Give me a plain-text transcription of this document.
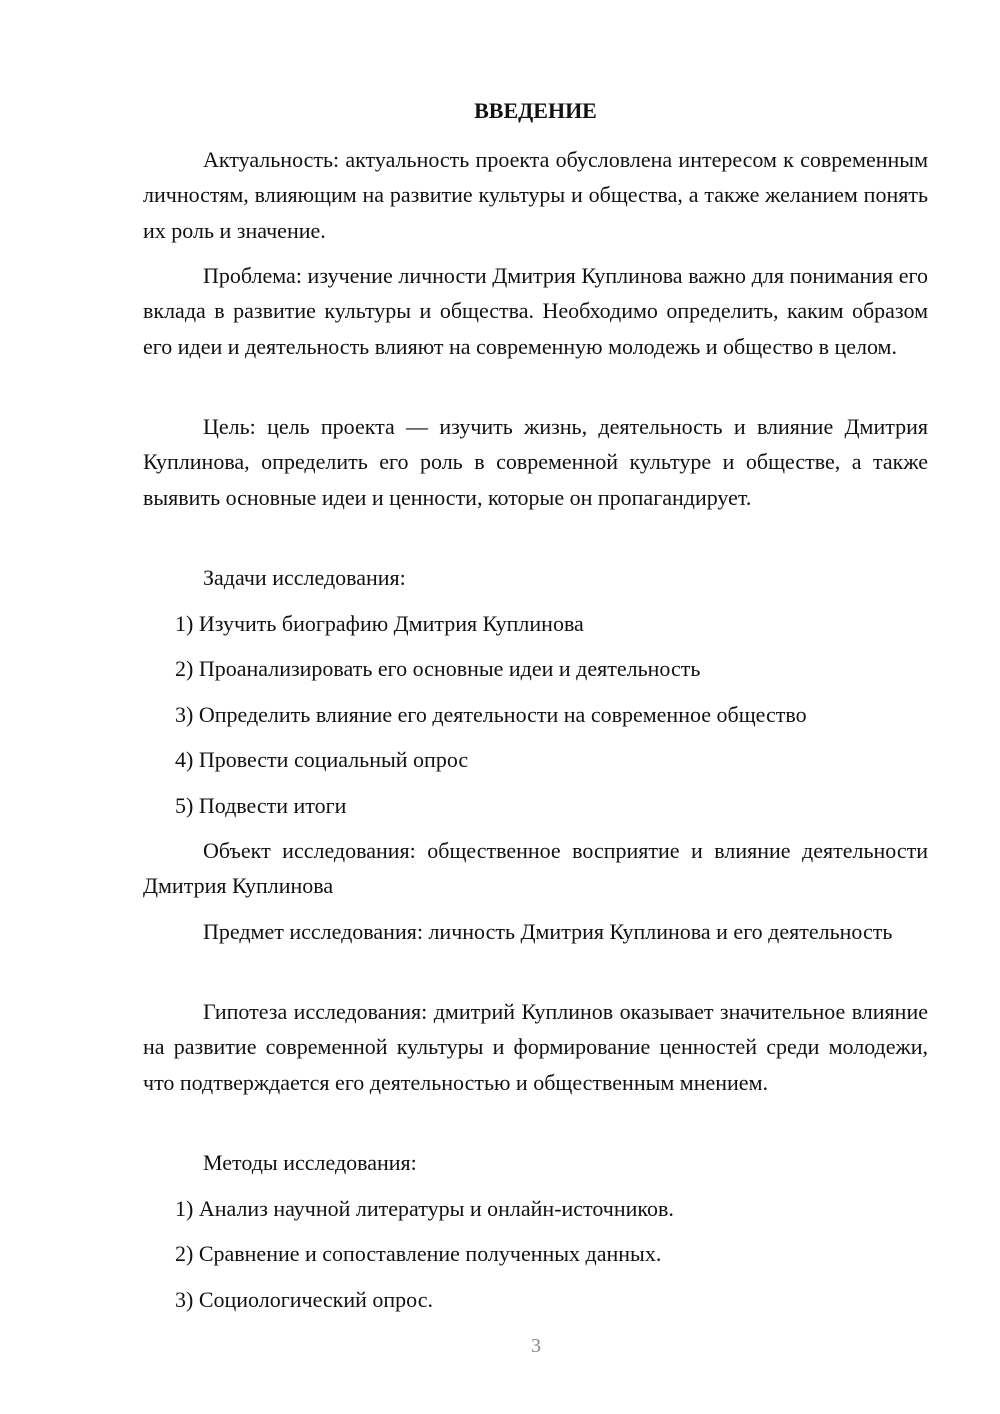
ВВЕДЕНИЕ

Актуальность: актуальность проекта обусловлена интересом к современным личностям, влияющим на развитие культуры и общества, а также желанием понять их роль и значение.

Проблема: изучение личности Дмитрия Куплинова важно для понимания его вклада в развитие культуры и общества. Необходимо определить, каким образом его идеи и деятельность влияют на современную молодежь и общество в целом.

Цель: цель проекта — изучить жизнь, деятельность и влияние Дмитрия Куплинова, определить его роль в современной культуре и обществе, а также выявить основные идеи и ценности, которые он пропагандирует.

Задачи исследования:

1) Изучить биографию Дмитрия Куплинова

2) Проанализировать его основные идеи и деятельность

3) Определить влияние его деятельности на современное общество

4) Провести социальный опрос

5) Подвести итоги

Объект исследования: общественное восприятие и влияние деятельности Дмитрия Куплинова

Предмет исследования: личность Дмитрия Куплинова и его деятельность

Гипотеза исследования: дмитрий Куплинов оказывает значительное влияние на развитие современной культуры и формирование ценностей среди молодежи, что подтверждается его деятельностью и общественным мнением.

Методы исследования:

1) Анализ научной литературы и онлайн-источников.

2) Сравнение и сопоставление полученных данных.

3) Социологический опрос.

3
